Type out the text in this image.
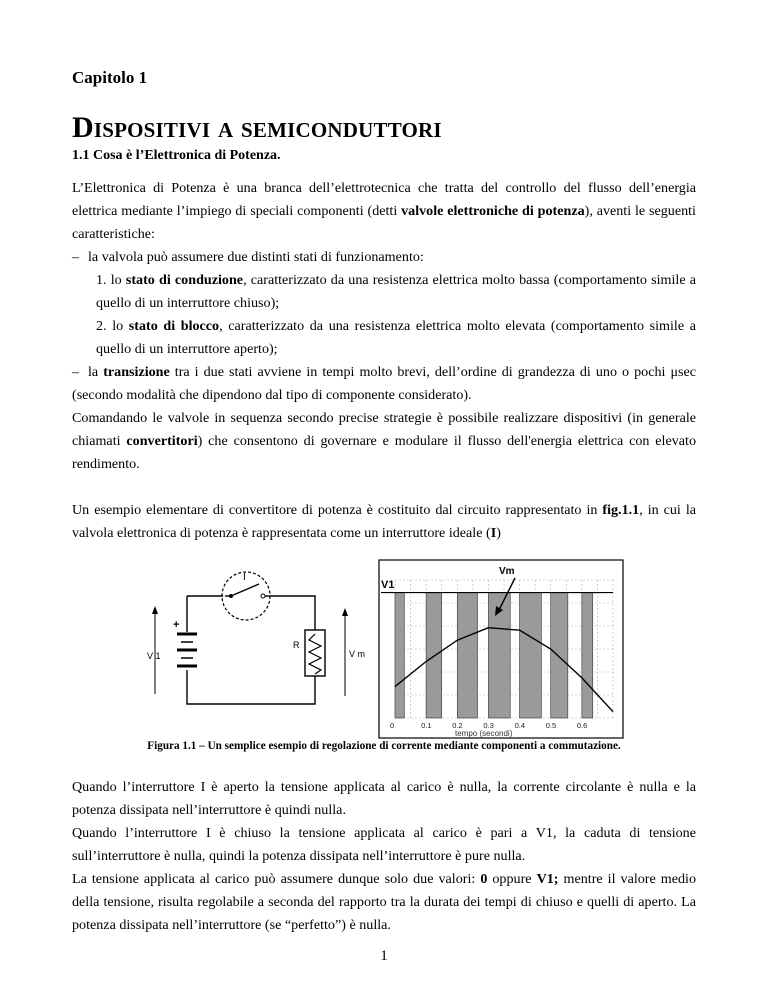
Capitolo 1

Dispositivi a semiconduttori
1.1 Cosa è l’Elettronica di Potenza.

L’Elettronica di Potenza è una branca dell’elettrotecnica che tratta del controllo del flusso dell’energia elettrica mediante l’impiego di speciali componenti (detti valvole elettroniche di potenza), aventi le seguenti caratteristiche:

– la valvola può assumere due distinti stati di funzionamento:

1. lo stato di conduzione, caratterizzato da una resistenza elettrica molto bassa (comportamento simile a quello di un interruttore chiuso);

2. lo stato di blocco, caratterizzato da una resistenza elettrica molto elevata (comportamento simile a quello di un interruttore aperto);

– la transizione tra i due stati avviene in tempi molto brevi, dell’ordine di grandezza di uno o pochi μsec (secondo modalità che dipendono dal tipo di componente considerato).

Comandando le valvole in sequenza secondo precise strategie è possibile realizzare dispositivi (in generale chiamati convertitori) che consentono di governare e modulare il flusso dell'energia elettrica con elevato rendimento.

Un esempio elementare di convertitore di potenza è costituito dal circuito rappresentato in fig.1.1, in cui la valvola elettronica di potenza è rappresentata come un interruttore ideale (I)

+
V 1
I
R
V m
0	0.1	0.2	0.3	0.4	0.5	0.6
V1
Vm
tempo (secondi)

Figura 1.1 – Un semplice esempio di regolazione di corrente mediante componenti a commutazione.

Quando l’interruttore I è aperto la tensione applicata al carico è nulla, la corrente circolante è nulla e la potenza dissipata nell’interruttore è quindi nulla.

Quando l’interruttore I è chiuso la tensione applicata al carico è pari a V1, la caduta di tensione sull’interruttore è nulla, quindi la potenza dissipata nell’interruttore è pure nulla.

La tensione applicata al carico può assumere dunque solo due valori: 0 oppure V1; mentre il valore medio della tensione, risulta regolabile a seconda del rapporto tra la durata dei tempi di chiuso e quelli di aperto. La potenza dissipata nell’interruttore (se “perfetto”) è nulla.

1
